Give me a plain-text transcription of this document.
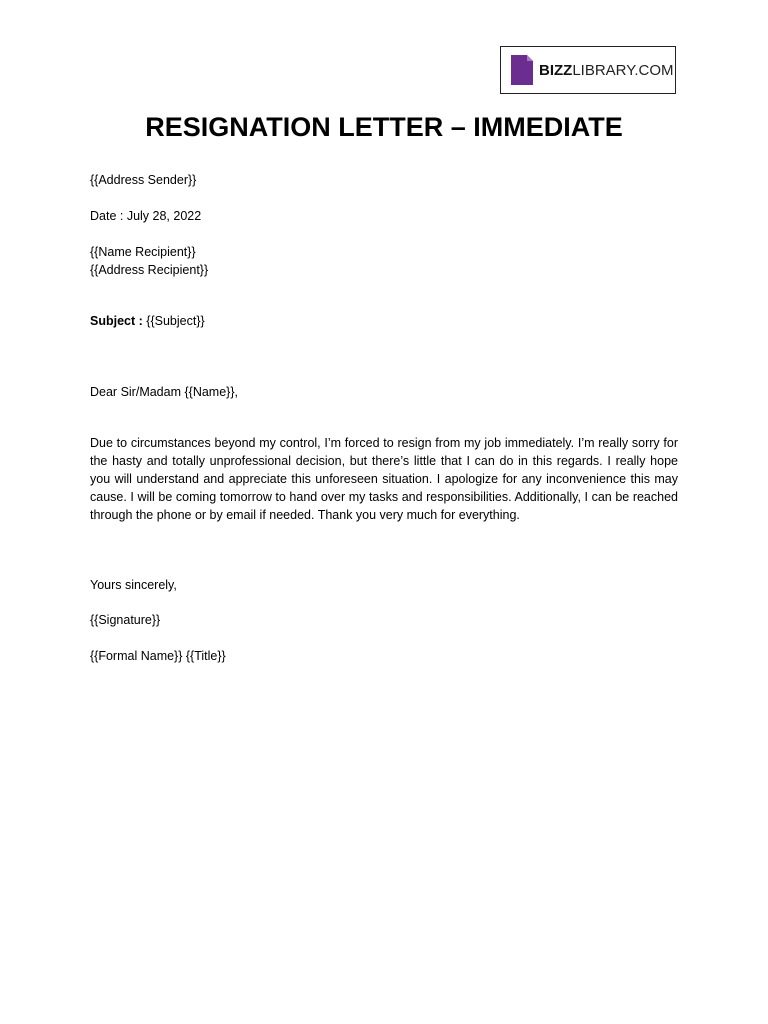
BIZZLIBRARY.COM
RESIGNATION LETTER – IMMEDIATE

{{Address Sender}}

Date : July 28, 2022

{{Name Recipient}}

{{Address Recipient}}

Subject : {{Subject}}

Dear Sir/Madam {{Name}},

Due to circumstances beyond my control, I’m forced to resign from my job immediately. I’m really sorry for the hasty and totally unprofessional decision, but there’s little that I can do in this regards. I really hope you will understand and appreciate this unforeseen situation. I apologize for any inconvenience this may cause. I will be coming tomorrow to hand over my tasks and responsibilities. Additionally, I can be reached through the phone or by email if needed. Thank you very much for everything.

Yours sincerely,

{{Signature}}

{{Formal Name}} {{Title}}
